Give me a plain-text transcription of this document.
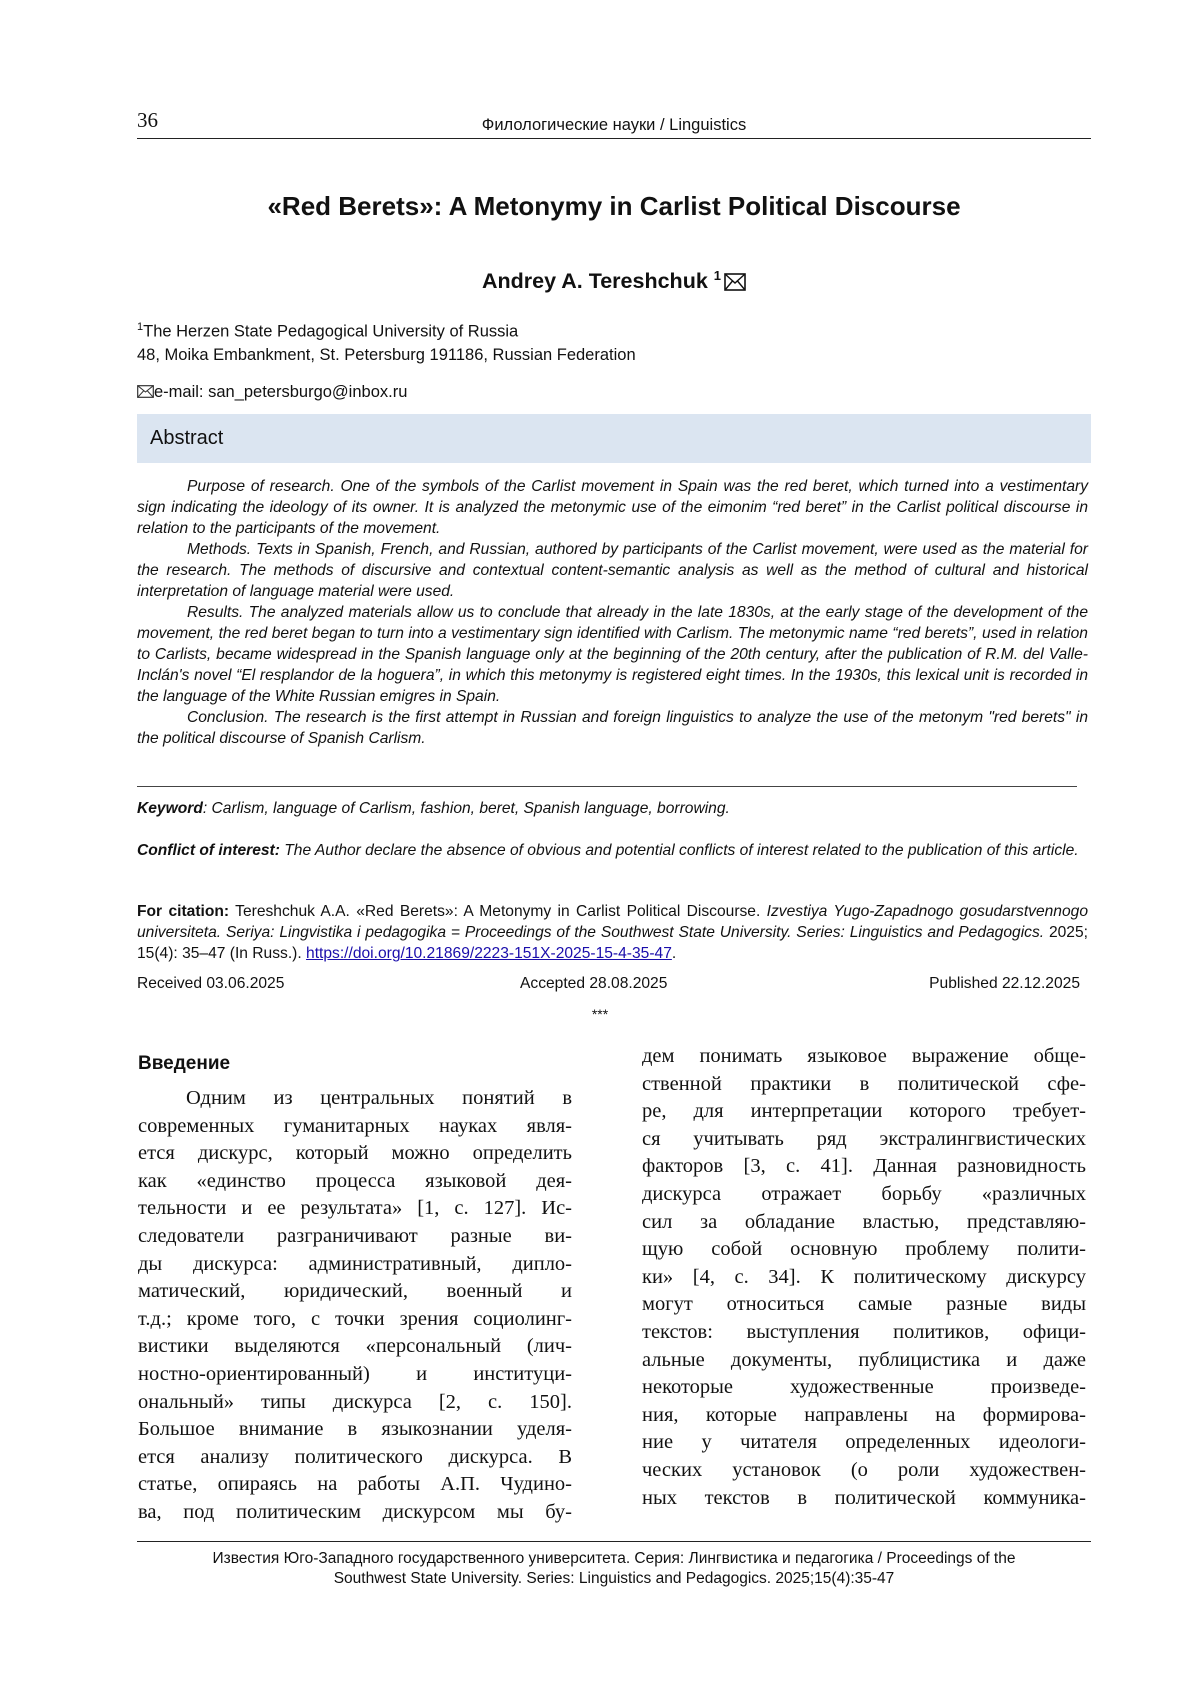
36	Филологические науки / Linguistics
«Red Berets»: A Metonymy in Carlist Political Discourse
Andrey A. Tereshchuk $^1$
$^1$The Herzen State Pedagogical University of Russia
48, Moika Embankment, St. Petersburg 191186, Russian Federation
e-mail: san_petersburgo@inbox.ru
Abstract

Purpose of research. One of the symbols of the Carlist movement in Spain was the red beret, which turned into a vestimentary sign indicating the ideology of its owner. It is analyzed the metonymic use of the eimonim “red beret” in the Carlist political discourse in relation to the participants of the movement.

Methods. Texts in Spanish, French, and Russian, authored by participants of the Carlist movement, were used as the material for the research. The methods of discursive and contextual content-semantic analysis as well as the method of cultural and historical interpretation of language material were used.

Results. The analyzed materials allow us to conclude that already in the late 1830s, at the early stage of the development of the movement, the red beret began to turn into a vestimentary sign identified with Carlism. The metonymic name “red berets”, used in relation to Carlists, became widespread in the Spanish language only at the beginning of the 20th century, after the publication of R.M. del Valle-Inclán's novel “El resplandor de la hoguera”, in which this metonymy is registered eight times. In the 1930s, this lexical unit is recorded in the language of the White Russian emigres in Spain.

Conclusion. The research is the first attempt in Russian and foreign linguistics to analyze the use of the metonym "red berets" in the political discourse of Spanish Carlism.

Keyword: Carlism, language of Carlism, fashion, beret, Spanish language, borrowing.
Conflict of interest: The Author declare the absence of obvious and potential conflicts of interest related to the publication of this article.
For citation: Tereshchuk A.A. «Red Berets»: A Metonymy in Carlist Political Discourse. Izvestiya Yugo-Zapadnogo gosudarstvennogo universiteta. Seriya: Lingvistika i pedagogika = Proceedings of the Southwest State University. Series: Linguistics and Pedagogics. 2025; 15(4): 35–47 (In Russ.). https://doi.org/10.21869/2223-151X-2025-15-4-35-47.
Received 03.06.2025	Accepted 28.08.2025	Published 22.12.2025
***
Введение
Одним из центральных понятий в
современных гуманитарных науках явля-
ется дискурс, который можно определить
как «единство процесса языковой дея-
тельности и ее результата» [1, с. 127]. Ис-
следователи разграничивают разные ви-
ды дискурса: административный, дипло-
матический, юридический, военный и
т.д.; кроме того, с точки зрения социолинг-
вистики выделяются «персональный (лич-
ностно-ориентированный) и институци-
ональный» типы дискурса [2, с. 150].
Большое внимание в языкознании уделя-
ется анализу политического дискурса. В
статье, опираясь на работы А.П. Чудино-
ва, под политическим дискурсом мы бу-
дем понимать языковое выражение обще-
ственной практики в политической сфе-
ре, для интерпретации которого требует-
ся учитывать ряд экстралингвистических
факторов [3, с. 41]. Данная разновидность
дискурса отражает борьбу «различных
сил за обладание властью, представляю-
щую собой основную проблему полити-
ки» [4, с. 34]. К политическому дискурсу
могут относиться самые разные виды
текстов: выступления политиков, офици-
альные документы, публицистика и даже
некоторые художественные произведе-
ния, которые направлены на формирова-
ние у читателя определенных идеологи-
ческих установок (о роли художествен-
ных текстов в политической коммуника-
Известия Юго-Западного государственного университета. Серия: Лингвистика и педагогика / Proceedings of the
Southwest State University. Series: Linguistics and Pedagogics. 2025;15(4):35-47
